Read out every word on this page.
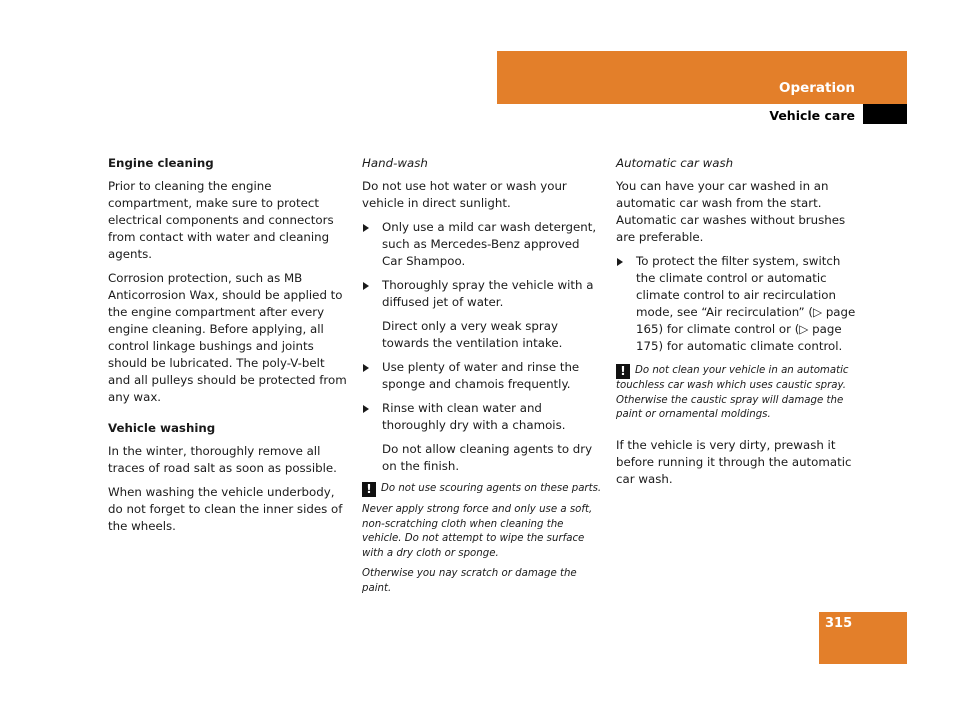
Operation
Vehicle care
Engine cleaning

Prior to cleaning the engine compartment, make sure to protect electrical components and connectors from contact with water and cleaning agents.

Corrosion protection, such as MB Anticorrosion Wax, should be applied to the engine compartment after every engine cleaning. Before applying, all control linkage bushings and joints should be lubricated. The poly-V-belt and all pulleys should be protected from any wax.

Vehicle washing

In the winter, thoroughly remove all traces of road salt as soon as possible.

When washing the vehicle underbody, do not forget to clean the inner sides of the wheels.

Hand-wash

Do not use hot water or wash your vehicle in direct sunlight.

Only use a mild car wash detergent, such as Mercedes-Benz approved Car Shampoo.
Thoroughly spray the vehicle with a diffused jet of water.

Direct only a very weak spray towards the ventilation intake.

Use plenty of water and rinse the sponge and chamois frequently.
Rinse with clean water and thoroughly dry with a chamois.

Do not allow cleaning agents to dry on the finish.

! Do not use scouring agents on these parts.
Never apply strong force and only use a soft, non-scratching cloth when cleaning the vehicle. Do not attempt to wipe the surface with a dry cloth or sponge.
Otherwise you nay scratch or damage the paint.
Automatic car wash

You can have your car washed in an automatic car wash from the start. Automatic car washes without brushes are preferable.

To protect the filter system, switch the climate control or automatic climate control to air recirculation mode, see “Air recirculation” (▷ page 165) for climate control or (▷ page 175) for automatic climate control.
! Do not clean your vehicle in an automatic touchless car wash which uses caustic spray. Otherwise the caustic spray will damage the paint or ornamental moldings.

If the vehicle is very dirty, prewash it before running it through the automatic car wash.

315
